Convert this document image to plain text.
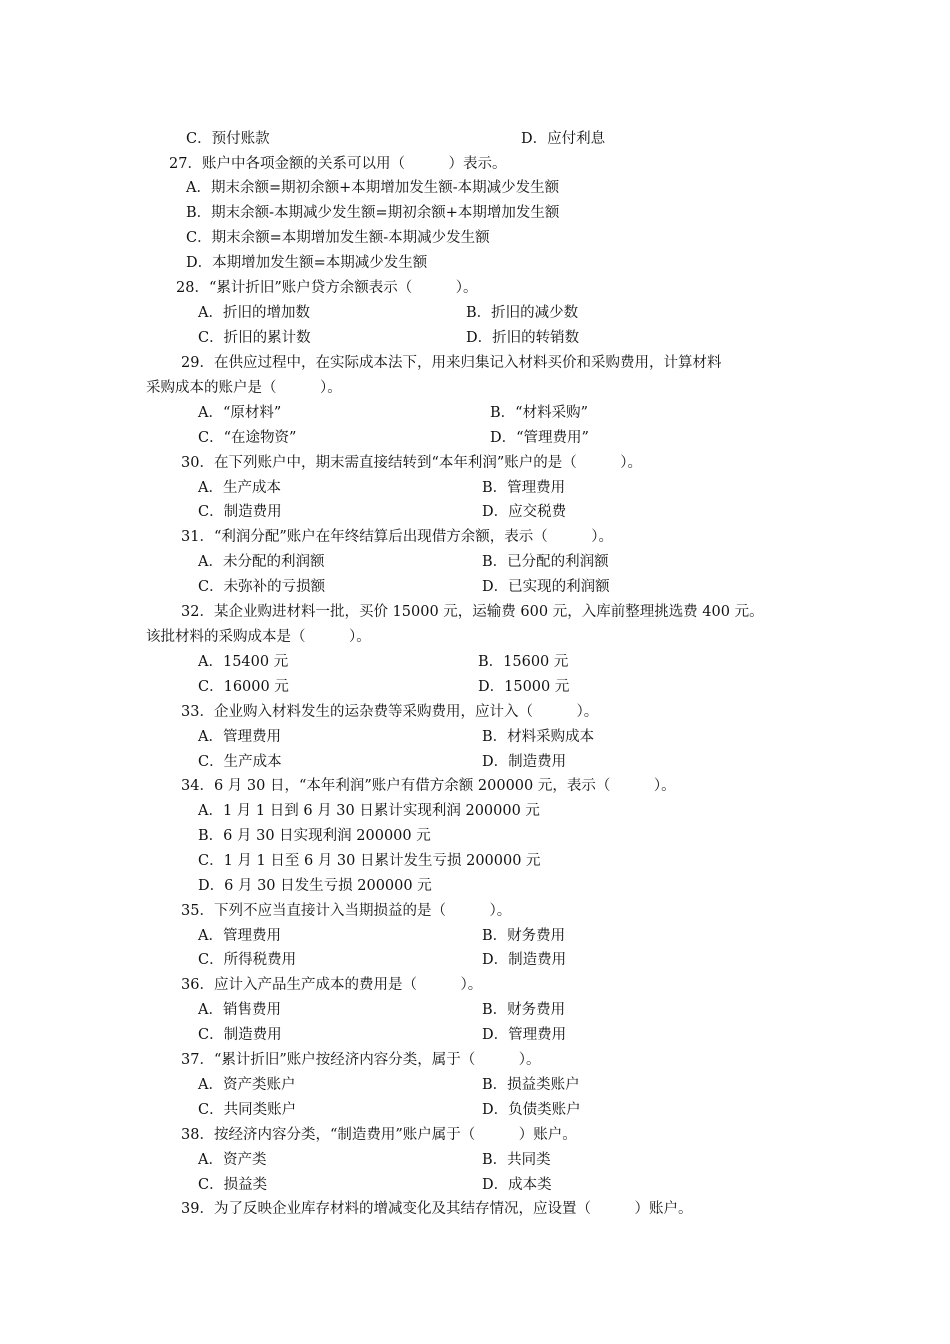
C．预付账款	D．应付利息
27．账户中各项金额的关系可以用（　　　）表示。
A．期末余额=期初余额+本期增加发生额-本期减少发生额
B．期末余额-本期减少发生额=期初余额+本期增加发生额
C．期末余额=本期增加发生额-本期减少发生额
D．本期增加发生额=本期减少发生额
28．“累计折旧”账户贷方余额表示（　　　）。
A．折旧的增加数	B．折旧的减少数
C．折旧的累计数	D．折旧的转销数
29．在供应过程中，在实际成本法下，用来归集记入材料买价和采购费用，计算材料
采购成本的账户是（　　　）。
A．“原材料”	B．“材料采购”
C．“在途物资”	D．“管理费用”
30．在下列账户中，期末需直接结转到“本年利润”账户的是（　　　）。
A．生产成本	B．管理费用
C．制造费用	D．应交税费
31．“利润分配”账户在年终结算后出现借方余额，表示（　　　）。
A．未分配的利润额	B．已分配的利润额
C．未弥补的亏损额	D．已实现的利润额
32．某企业购进材料一批，买价 15000 元，运输费 600 元，入库前整理挑选费 400 元。
该批材料的采购成本是（　　　）。
A．15400 元	B．15600 元
C．16000 元	D．15000 元
33．企业购入材料发生的运杂费等采购费用，应计入（　　　）。
A．管理费用	B．材料采购成本
C．生产成本	D．制造费用
34．6 月 30 日，“本年利润”账户有借方余额 200000 元，表示（　　　）。
A．1 月 1 日到 6 月 30 日累计实现利润 200000 元
B．6 月 30 日实现利润 200000 元
C．1 月 1 日至 6 月 30 日累计发生亏损 200000 元
D．6 月 30 日发生亏损 200000 元
35．下列不应当直接计入当期损益的是（　　　）。
A．管理费用	B．财务费用
C．所得税费用	D．制造费用
36．应计入产品生产成本的费用是（　　　）。
A．销售费用	B．财务费用
C．制造费用	D．管理费用
37．“累计折旧”账户按经济内容分类，属于（　　　）。
A．资产类账户	B．损益类账户
C．共同类账户	D．负债类账户
38．按经济内容分类，“制造费用”账户属于（　　　）账户。
A．资产类	B．共同类
C．损益类	D．成本类
39．为了反映企业库存材料的增减变化及其结存情况，应设置（　　　）账户。
